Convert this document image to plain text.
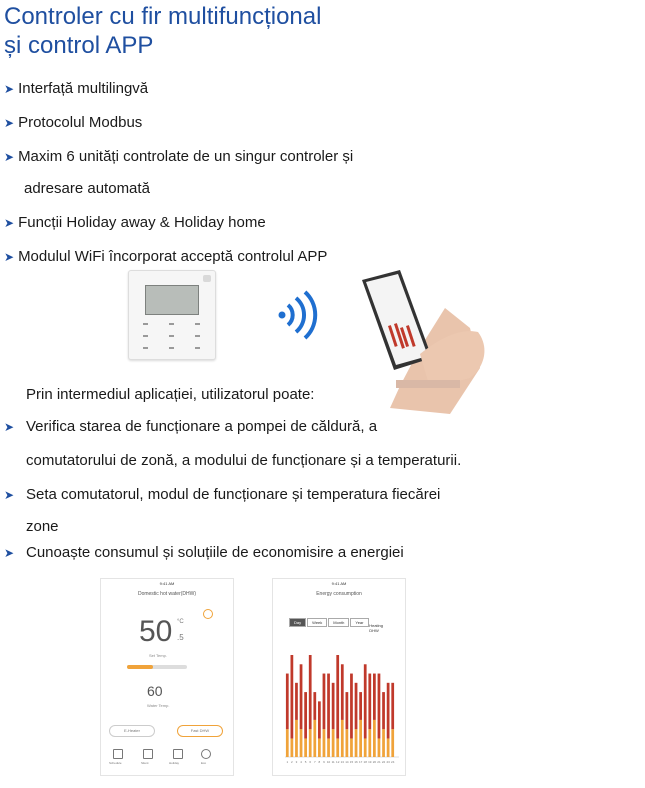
Controler cu fir multifuncțional
și control APP
➤ Interfață multilingvă
➤ Protocolul Modbus
➤ Maxim 6 unități controlate de un singur controler și
adresare automată
➤ Funcții Holiday away & Holiday home
➤ Modulul WiFi încorporat acceptă controlul APP
Prin intermediul aplicației, utilizatorul poate:
➤ Verifica starea de funcționare a pompei de căldură, a
comutatorului de zonă, a modului de funcționare și a temperaturii.
➤ Seta comutatorul, modul de funcționare și temperatura fiecărei
zone
➤ Cunoaște consumul și soluțiile de economisire a energiei
9:41 AM
Domestic hot water(DHW)
50 °C
.5
Set Temp.
60
Water Temp.
E-Heater	Fast DHW
Schedule	Silent	Holiday	Eco
9:41 AM
Energy consumption
Day	Week	Month	Year
Heating
DHW
1 2 3 4 5 6 7 8 9 10 11 12 13 14 15 16 17 18 19 20 21 22 23 24
